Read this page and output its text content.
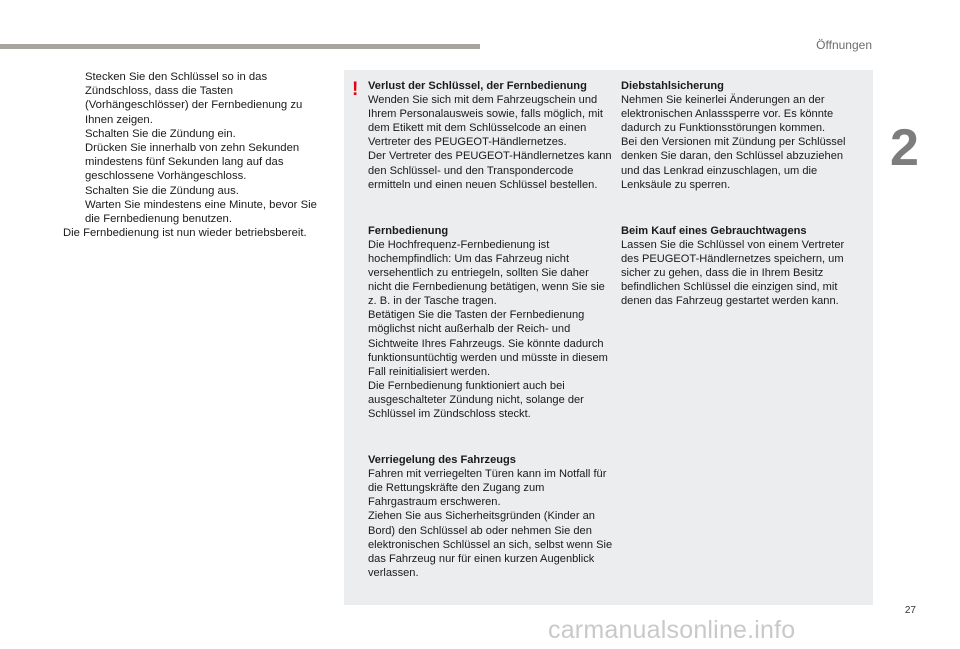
Öffnungen
2
Stecken Sie den Schlüssel so in das Zündschloss, dass die Tasten (Vorhängeschlösser) der Fernbedienung zu Ihnen zeigen.
Schalten Sie die Zündung ein.
Drücken Sie innerhalb von zehn Sekunden mindestens fünf Sekunden lang auf das geschlossene Vorhängeschloss.
Schalten Sie die Zündung aus.
Warten Sie mindestens eine Minute, bevor Sie die Fernbedienung benutzen.

Die Fernbedienung ist nun wieder betriebsbereit.

! Verlust der Schlüssel, der Fernbedienung

Wenden Sie sich mit dem Fahrzeugschein und Ihrem Personalausweis sowie, falls möglich, mit dem Etikett mit dem Schlüsselcode an einen Vertreter des PEUGEOT-Händlernetzes.

Der Vertreter des PEUGEOT-Händlernetzes kann den Schlüssel- und den Transpondercode ermitteln und einen neuen Schlüssel bestellen.

Fernbedienung

Die Hochfrequenz-Fernbedienung ist hochempfindlich: Um das Fahrzeug nicht versehentlich zu entriegeln, sollten Sie daher nicht die Fernbedienung betätigen, wenn Sie sie z. B. in der Tasche tragen.

Betätigen Sie die Tasten der Fernbedienung möglichst nicht außerhalb der Reich- und Sichtweite Ihres Fahrzeugs. Sie könnte dadurch funktionsuntüchtig werden und müsste in diesem Fall reinitialisiert werden.

Die Fernbedienung funktioniert auch bei ausgeschalteter Zündung nicht, solange der Schlüssel im Zündschloss steckt.

Verriegelung des Fahrzeugs

Fahren mit verriegelten Türen kann im Notfall für die Rettungskräfte den Zugang zum Fahrgastraum erschweren.

Ziehen Sie aus Sicherheitsgründen (Kinder an Bord) den Schlüssel ab oder nehmen Sie den elektronischen Schlüssel an sich, selbst wenn Sie das Fahrzeug nur für einen kurzen Augenblick verlassen.

Diebstahlsicherung

Nehmen Sie keinerlei Änderungen an der elektronischen Anlasssperre vor. Es könnte dadurch zu Funktionsstörungen kommen.

Bei den Versionen mit Zündung per Schlüssel denken Sie daran, den Schlüssel abzuziehen und das Lenkrad einzuschlagen, um die Lenksäule zu sperren.

Beim Kauf eines Gebrauchtwagens

Lassen Sie die Schlüssel von einem Vertreter des PEUGEOT-Händlernetzes speichern, um sicher zu gehen, dass die in Ihrem Besitz befindlichen Schlüssel die einzigen sind, mit denen das Fahrzeug gestartet werden kann.

27
carmanualsonline.info
